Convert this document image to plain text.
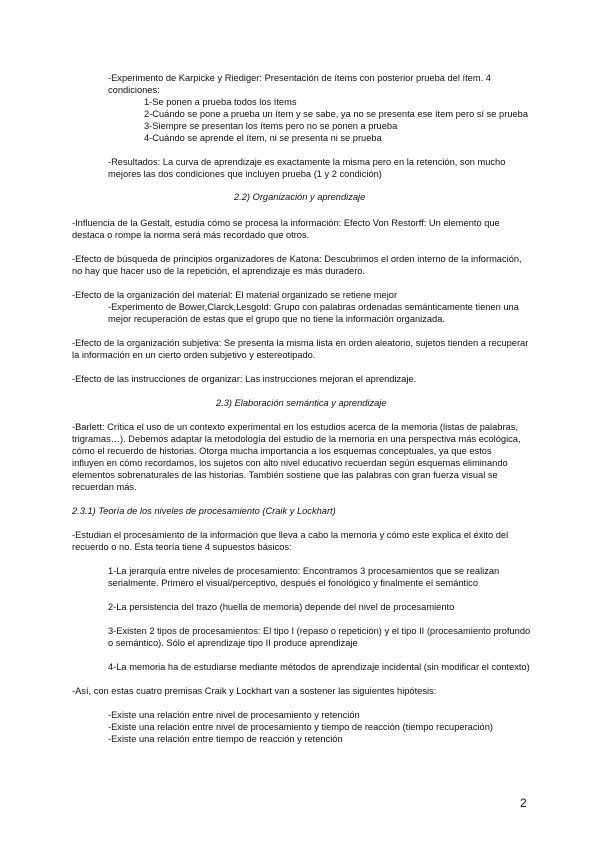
-Experimento de Karpicke y Riediger: Presentación de ítems con posterior prueba del ítem. 4
condiciones:
1-Se ponen a prueba todos los ítems
2-Cuándo se pone a prueba un ítem y se sabe, ya no se presenta ese ítem pero sí se prueba
3-Siempre se presentan los ítems pero no se ponen a prueba
4-Cuándo se aprende el ítem, ni se presenta ni se prueba
-Resultados: La curva de aprendizaje es exactamente la misma pero en la retención, son mucho
mejores las dos condiciones que incluyen prueba (1 y 2 condición)
2.2) Organización y aprendizaje
-Influencia de la Gestalt, estudia cómo se procesa la información: Efecto Von Restorff: Un elemento que
destaca o rompe la norma será más recordado que otros.
-Efecto de búsqueda de principios organizadores de Katona: Descubrimos el orden interno de la información,
no hay que hacer uso de la repetición, el aprendizaje es más duradero.
-Efecto de la organización del material: El material organizado se retiene mejor
-Experimento de Bower,Clarck,Lesgold: Grupo con palabras ordenadas semánticamente tienen una
mejor recuperación de estas que el grupo que no tiene la información organizada.
-Efecto de la organización subjetiva: Se presenta la misma lista en orden aleatorio, sujetos tienden a recuperar
la información en un cierto orden subjetivo y estereotipado.
-Efecto de las instrucciones de organizar: Las instrucciones mejoran el aprendizaje.
2.3) Elaboración semántica y aprendizaje
-Barlett: Crítica el uso de un contexto experimental en los estudios acerca de la memoria (listas de palabras,
trigramas…). Debemos adaptar la metodología del estudio de la memoria en una perspectiva más ecológica,
cómo el recuerdo de historias. Otorga mucha importancia a los esquemas conceptuales, ya que estos
influyen en cómo recordamos, los sujetos con alto nivel educativo recuerdan según esquemas eliminando
elementos sobrenaturales de las historias. También sostiene que las palabras con gran fuerza visual se
recuerdan más.
2.3.1) Teoría de los niveles de procesamiento (Craik y Lockhart)
-Estudian el procesamiento de la información que lleva a cabo la memoria y cómo este explica el éxito del
recuerdo o no. Esta teoría tiene 4 supuestos básicos:
1-La jerarquía entre niveles de procesamiento: Encontramos 3 procesamientos que se realizan
serialmente. Primero el visual/perceptivo, después el fonológico y finalmente el semántico
2-La persistencia del trazo (huella de memoria) depende del nivel de procesamiento
3-Existen 2 tipos de procesamientos: El tipo I (repaso o repetición) y el tipo II (procesamiento profundo
o semántico). Sólo el aprendizaje tipo II produce aprendizaje
4-La memoria ha de estudiarse mediante métodos de aprendizaje incidental (sin modificar el contexto)
-Así, con estas cuatro premisas Craik y Lockhart van a sostener las siguientes hipótesis:
-Existe una relación entre nivel de procesamiento y retención
-Existe una relación entre nivel de procesamiento y tiempo de reacción (tiempo recuperación)
-Existe una relación entre tiempo de reacción y retención
2
